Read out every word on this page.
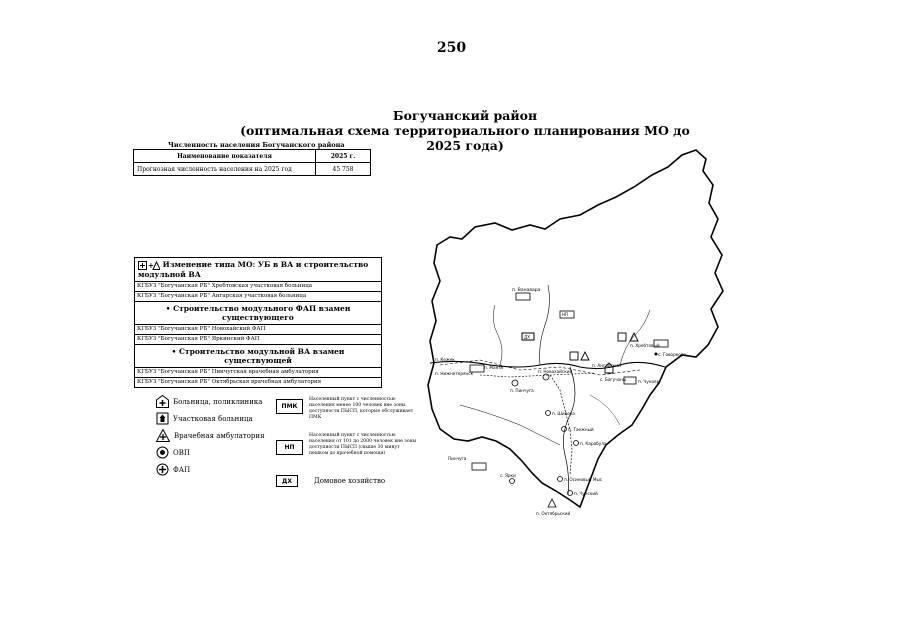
250
Богучанский район
(оптимальная схема территориального планирования МО до 2025 года)
Численность населения Богучанского района
Наименование показателя	2025 г.
Прогнозная численность населения на 2025 год	45 758
+ Изменение типа МО: УБ в ВА и строительство модульной ВА
КГБУЗ "Богучанская РБ" Хребтовская участковая больница
КГБУЗ "Богучанская РБ" Ангарская участковая больница
• Строительство модульного ФАП взамен существующего
КГБУЗ "Богучанская РБ" Новохайский ФАП
КГБУЗ "Богучанская РБ" Яркинский ФАП
• Строительство модульной ВА взамен существующей
КГБУЗ "Богучанская РБ" Пинчугская врачебная амбулатория
КГБУЗ "Богучанская РБ" Октябрьская врачебная амбулатория
Больница, поликлиника
Участковая больница
Врачебная амбулатория
ОВП
ФАП
ПМК
Населенный пункт с численностью населения менее 100 человек вне зоны доступности ПЫСП, которые обслуживает ПМК
НП
Населенный пункт с численностью населения от 101 до 2000 человек вне зоны доступности ПЫСП (свыше 30 минут пешком до врачебной помощи)
ДХ	Домовое хозяйство
п. Ванавара
НП
ДХ
п. Хребтовый
с. Говорково
п. Ангарский
с. Богучаны
п. Манзя
п. Нижнетерянск
п. Кежек
п. Пинчуга
п. Новохайский
п. Чунояр
п. Шивера
п. Таежный
п. Карабула
Пинчуга
с. Ярки
п. Осиновый Мыс
п. Чунский
п. Октябрьский
